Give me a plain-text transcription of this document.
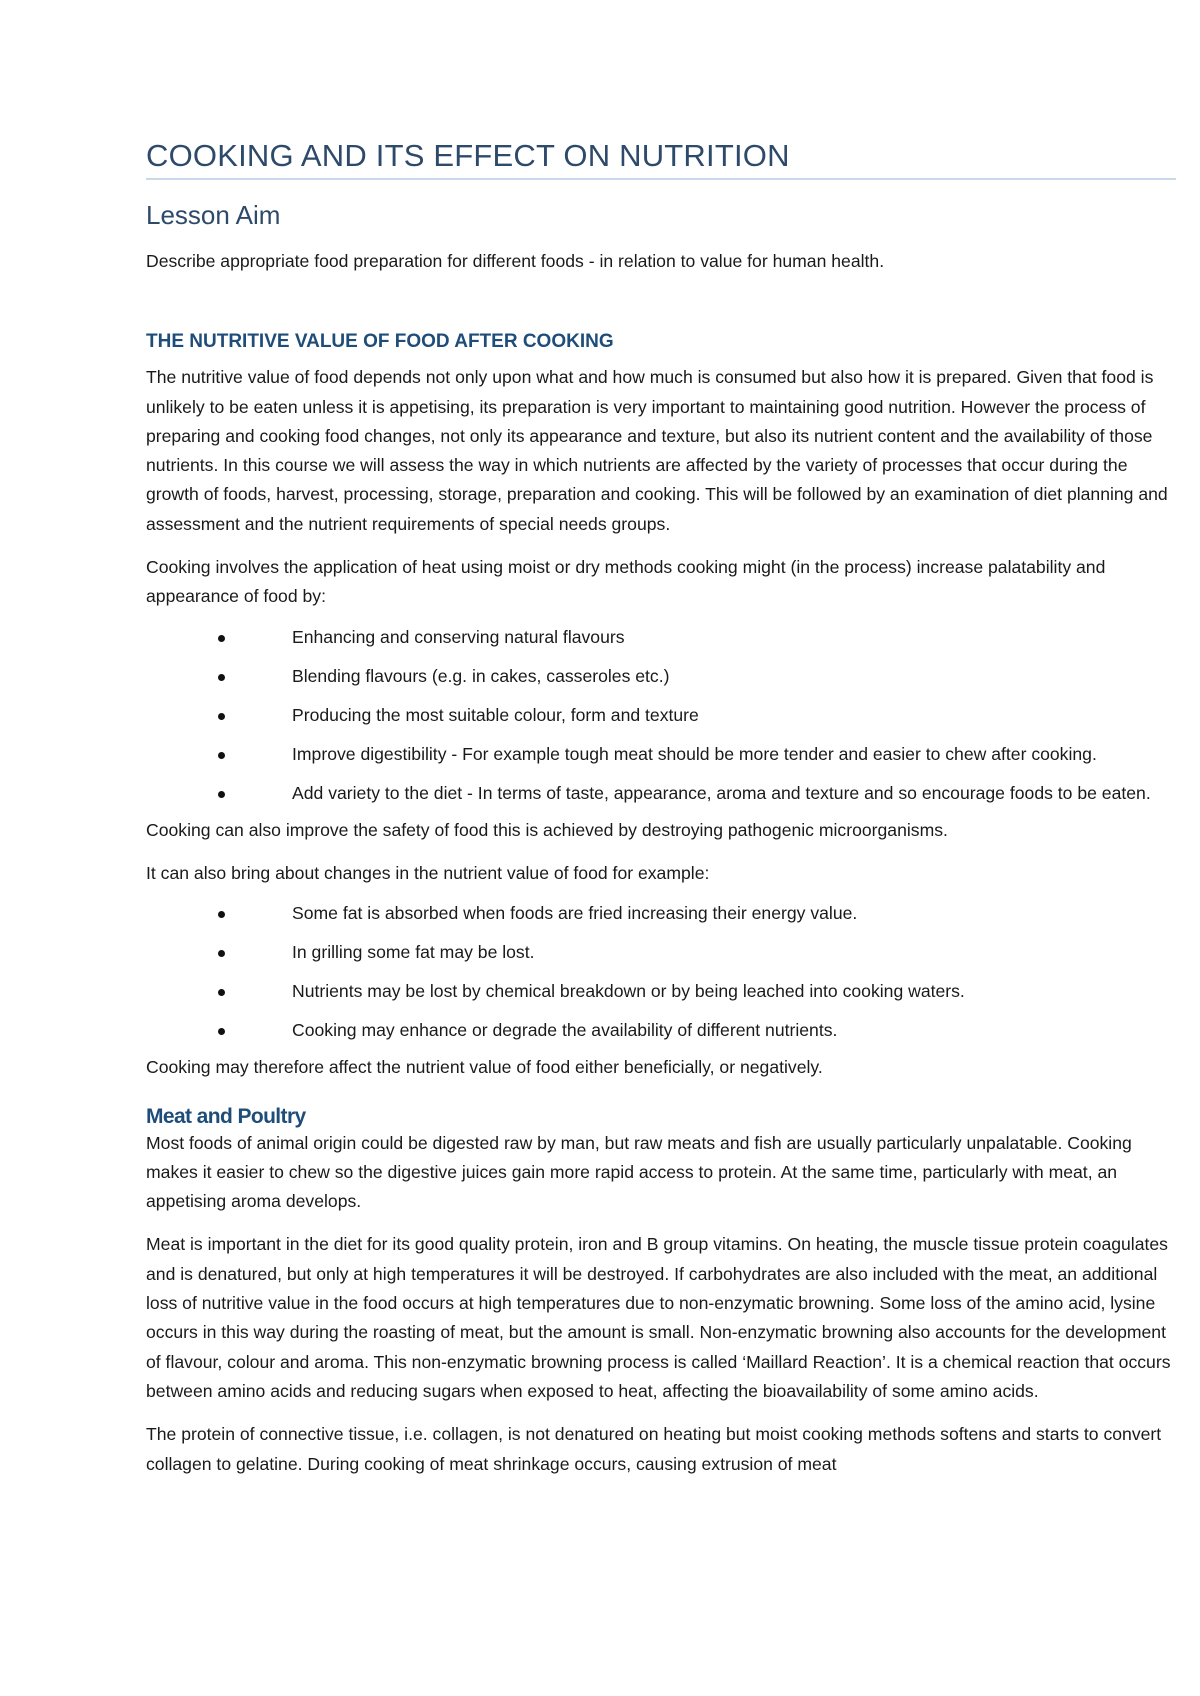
COOKING AND ITS EFFECT ON NUTRITION
Lesson Aim

Describe appropriate food preparation for different foods - in relation to value for human health.

THE NUTRITIVE VALUE OF FOOD AFTER COOKING

The nutritive value of food depends not only upon what and how much is consumed but also how it is prepared. Given that food is unlikely to be eaten unless it is appetising, its preparation is very important to maintaining good nutrition. However the process of preparing and cooking food changes, not only its appearance and texture, but also its nutrient content and the availability of those nutrients. In this course we will assess the way in which nutrients are affected by the variety of processes that occur during the growth of foods, harvest, processing, storage, preparation and cooking. This will be followed by an examination of diet planning and assessment and the nutrient requirements of special needs groups.

Cooking involves the application of heat using moist or dry methods cooking might (in the process) increase palatability and appearance of food by:

Enhancing and conserving natural flavours
Blending flavours (e.g. in cakes, casseroles etc.)
Producing the most suitable colour, form and texture
Improve digestibility - For example tough meat should be more tender and easier to chew after cooking.
Add variety to the diet - In terms of taste, appearance, aroma and texture and so encourage foods to be eaten.

Cooking can also improve the safety of food this is achieved by destroying pathogenic microorganisms.

It can also bring about changes in the nutrient value of food for example:

Some fat is absorbed when foods are fried increasing their energy value.
In grilling some fat may be lost.
Nutrients may be lost by chemical breakdown or by being leached into cooking waters.
Cooking may enhance or degrade the availability of different nutrients.

Cooking may therefore affect the nutrient value of food either beneficially, or negatively.

Meat and Poultry

Most foods of animal origin could be digested raw by man, but raw meats and fish are usually particularly unpalatable. Cooking makes it easier to chew so the digestive juices gain more rapid access to protein. At the same time, particularly with meat, an appetising aroma develops.

Meat is important in the diet for its good quality protein, iron and B group vitamins. On heating, the muscle tissue protein coagulates and is denatured, but only at high temperatures it will be destroyed. If carbohydrates are also included with the meat, an additional loss of nutritive value in the food occurs at high temperatures due to non-enzymatic browning. Some loss of the amino acid, lysine occurs in this way during the roasting of meat, but the amount is small. Non-enzymatic browning also accounts for the development of flavour, colour and aroma. This non-enzymatic browning process is called ‘Maillard Reaction’. It is a chemical reaction that occurs between amino acids and reducing sugars when exposed to heat, affecting the bioavailability of some amino acids.

The protein of connective tissue, i.e. collagen, is not denatured on heating but moist cooking methods softens and starts to convert collagen to gelatine. During cooking of meat shrinkage occurs, causing extrusion of meat
